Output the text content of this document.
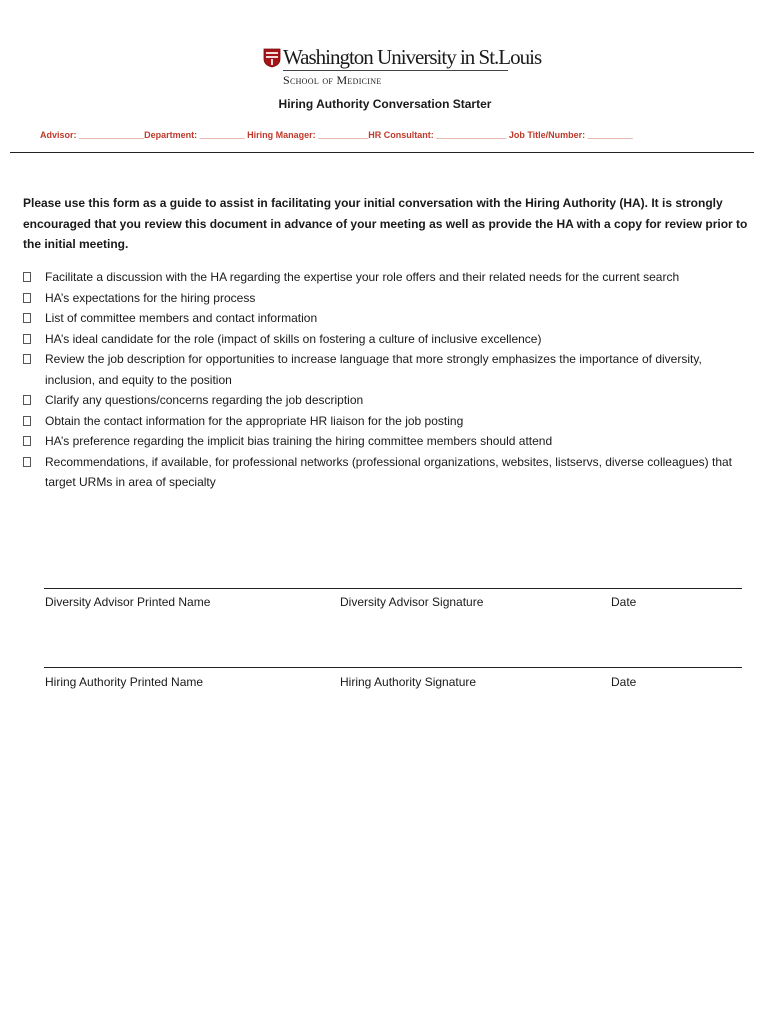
Washington University in St.Louis
School of Medicine
Hiring Authority Conversation Starter
Advisor: _____________Department: _________ Hiring Manager: __________HR Consultant: ______________ Job Title/Number: _________
Please use this form as a guide to assist in facilitating your initial conversation with the Hiring Authority (HA). It is strongly encouraged that you review this document in advance of your meeting as well as provide the HA with a copy for review prior to the initial meeting.
Facilitate a discussion with the HA regarding the expertise your role offers and their related needs for the current search
HA’s expectations for the hiring process
List of committee members and contact information
HA’s ideal candidate for the role (impact of skills on fostering a culture of inclusive excellence)
Review the job description for opportunities to increase language that more strongly emphasizes the importance of diversity, inclusion, and equity to the position
Clarify any questions/concerns regarding the job description
Obtain the contact information for the appropriate HR liaison for the job posting
HA’s preference regarding the implicit bias training the hiring committee members should attend
Recommendations, if available, for professional networks (professional organizations, websites, listservs, diverse colleagues) that target URMs in area of specialty
Diversity Advisor Printed Name	Diversity Advisor Signature	Date
Hiring Authority Printed Name	Hiring Authority Signature	Date
